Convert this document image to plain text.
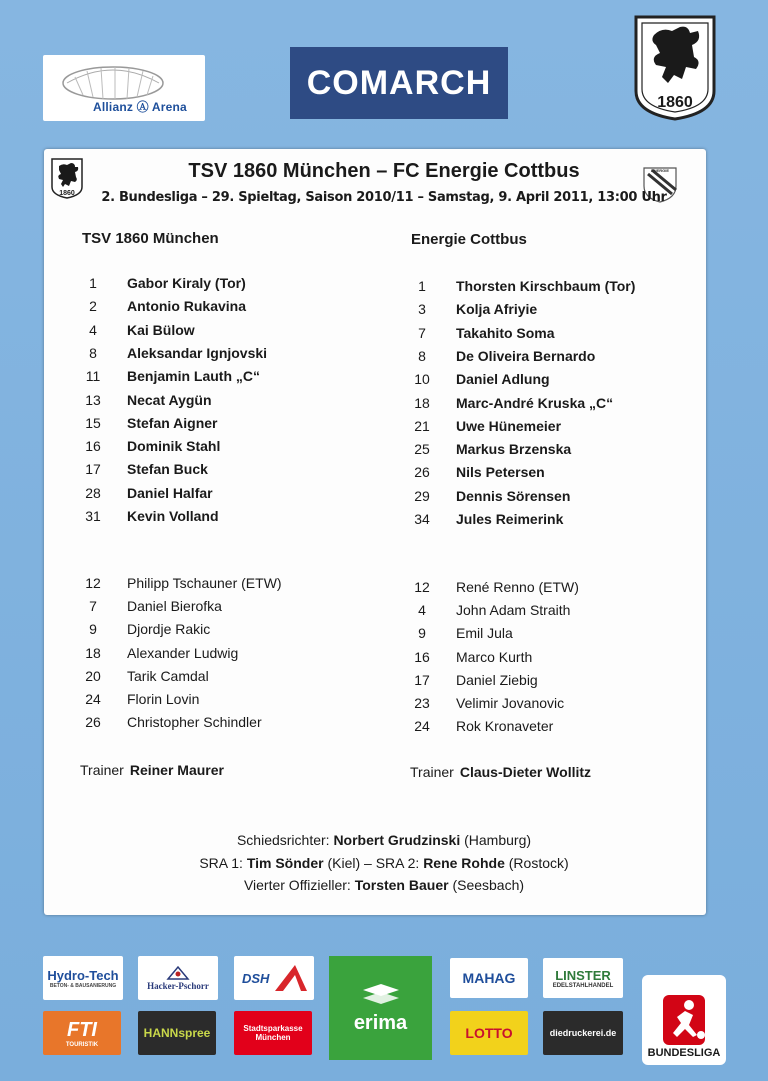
Allianz Ⓐ Arena
COMARCH
1860
1860
ENERGIE
TSV 1860 München – FC Energie Cottbus
2. Bundesliga – 29. Spieltag, Saison 2010/11 – Samstag, 9. April 2011, 13:00 Uhr
TSV 1860 München	Energie Cottbus
1	Gabor Kiraly (Tor)
2	Antonio Rukavina
4	Kai Bülow
8	Aleksandar Ignjovski
11	Benjamin Lauth „C“
13	Necat Aygün
15	Stefan Aigner
16	Dominik Stahl
17	Stefan Buck
28	Daniel Halfar
31	Kevin Volland
12	Philipp Tschauner (ETW)
7	Daniel Bierofka
9	Djordje Rakic
18	Alexander Ludwig
20	Tarik Camdal
24	Florin Lovin
26	Christopher Schindler
1	Thorsten Kirschbaum (Tor)
3	Kolja Afriyie
7	Takahito Soma
8	De Oliveira Bernardo
10	Daniel Adlung
18	Marc-André Kruska „C“
21	Uwe Hünemeier
25	Markus Brzenska
26	Nils Petersen
29	Dennis Sörensen
34	Jules Reimerink
12	René Renno (ETW)
4	John Adam Straith
9	Emil Jula
16	Marco Kurth
17	Daniel Ziebig
23	Velimir Jovanovic
24	Rok Kronaveter
Trainer Reiner Maurer	Trainer Claus-Dieter Wollitz
Schiedsrichter: Norbert Grudzinski (Hamburg)
SRA 1: Tim Sönder (Kiel) – SRA 2: Rene Rohde (Rostock)
Vierter Offizieller: Torsten Bauer (Seesbach)
Hydro-Tech
BETON- & BAUSANIERUNG	Hacker-Pschorr
DSH
erima
MAHAG	LINSTER
EDELSTAHLHANDEL
FTI
TOURISTIK
HANNspree	Stadtsparkasse München	LOTTO	diedruckerei.de
BUNDESLIGA
